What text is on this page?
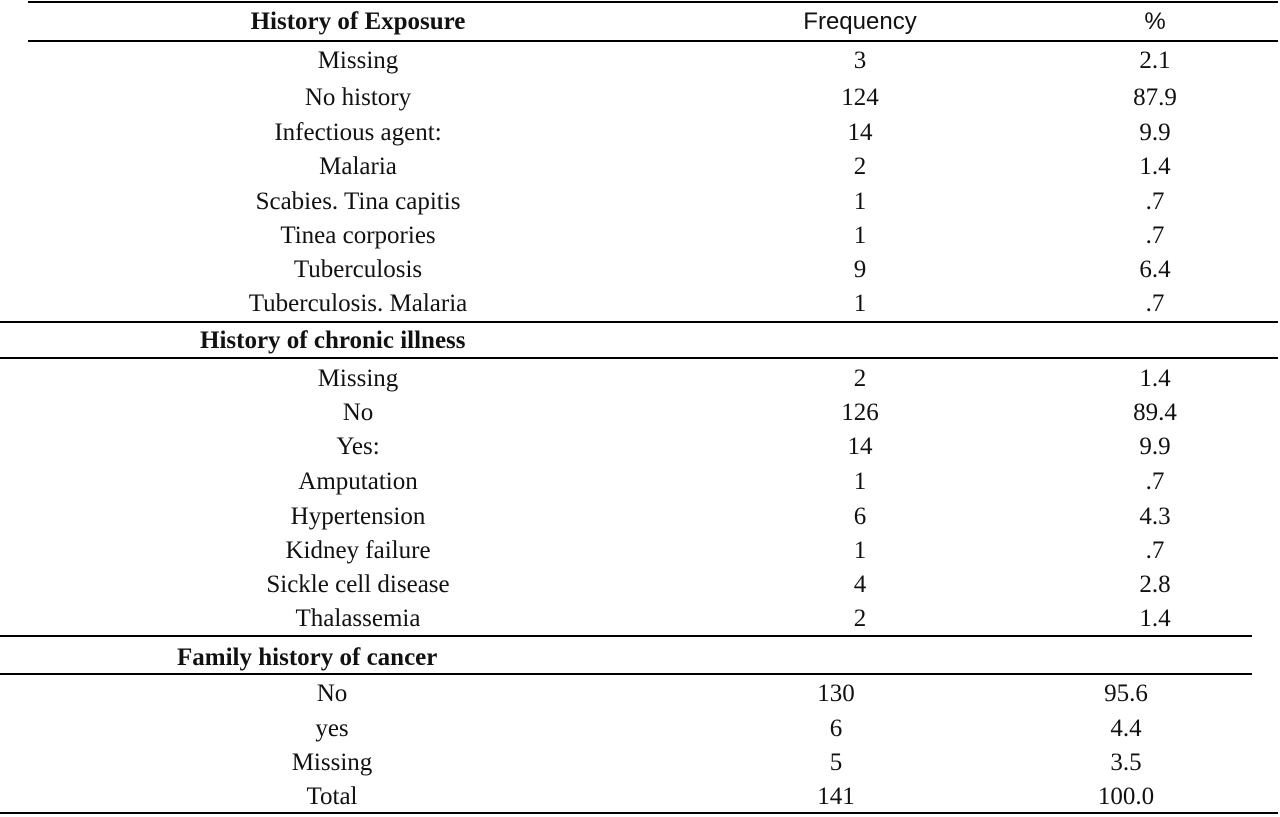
History of Exposure	Frequency	%
Missing	3	2.1
No history	124	87.9
Infectious agent:	14	9.9
Malaria	2	1.4
Scabies. Tina capitis	1	.7
Tinea corpories	1	.7
Tuberculosis	9	6.4
Tuberculosis. Malaria	1	.7
History of chronic illness
Missing	2	1.4
No	126	89.4
Yes:	14	9.9
Amputation	1	.7
Hypertension	6	4.3
Kidney failure	1	.7
Sickle cell disease	4	2.8
Thalassemia	2	1.4
Family history of cancer
No	130	95.6
yes	6	4.4
Missing	5	3.5
Total	141	100.0
